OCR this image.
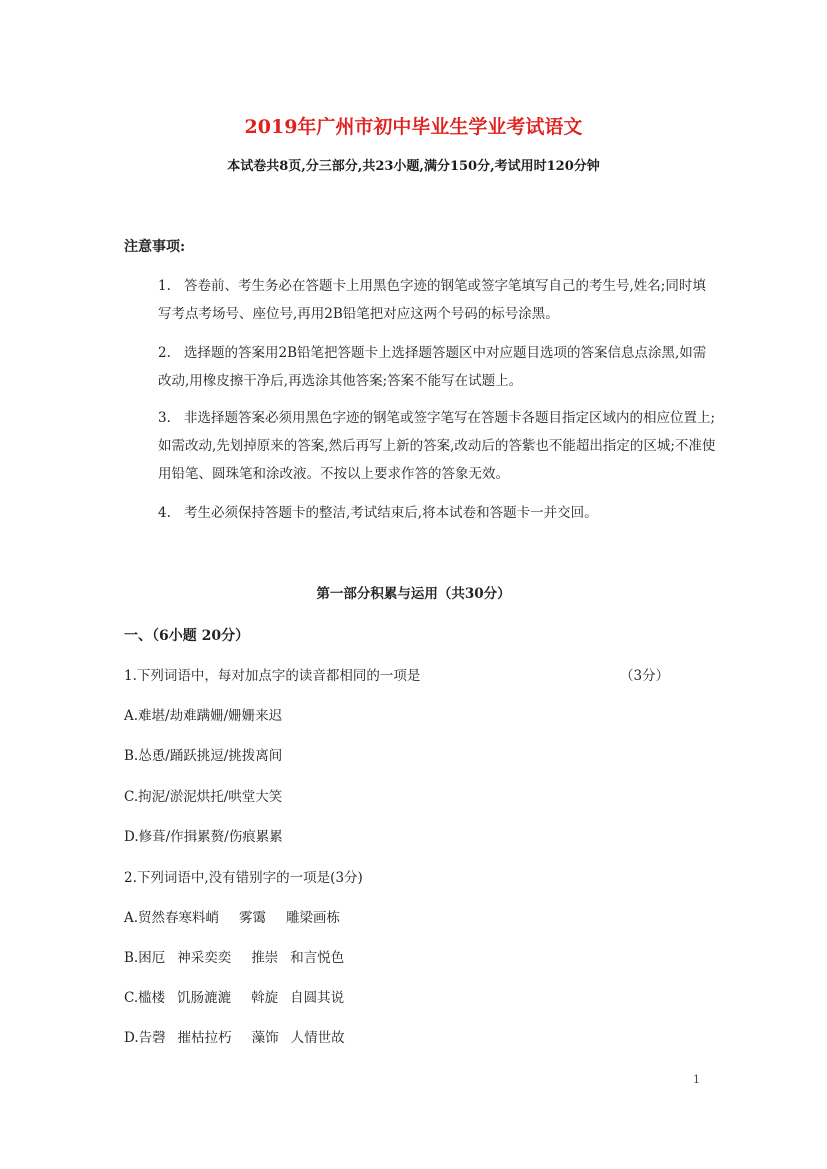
2019年广州市初中毕业生学业考试语文
本试卷共8页,分三部分,共23小题,满分150分,考试用时120分钟
注意事项:
1. 答卷前、考生务必在答题卡上用黑色字迹的钢笔或签字笔填写自己的考生号,姓名;同时填写考点考场号、座位号,再用2B铅笔把对应这两个号码的标号涂黑。
2. 选择题的答案用2B铅笔把答题卡上选择题答题区中对应题目选项的答案信息点涂黑,如需改动,用橡皮擦干净后,再选涂其他答案;答案不能写在试题上。
3. 非选择题答案必须用黑色字迹的钢笔或签字笔写在答题卡各题目指定区域内的相应位置上;如需改动,先划掉原来的答案,然后再写上新的答案,改动后的答紫也不能超出指定的区城;不准使用铅笔、圆珠笔和涂改液。不按以上要求作答的答象无效。
4. 考生必须保持答题卡的整洁,考试结束后,将本试卷和答题卡一并交回。
第一部分积累与运用（共30分）
一、（6小题 20分）
1.下列词语中，每对加点字的读音都相同的一项是	（3分）
A.难堪/劫难蹒姗/姗姗来迟
B.怂恿/踊跃挑逗/挑拨离间
C.拘泥/淤泥烘托/哄堂大笑
D.修葺/作揖累赘/伤痕累累
2.下列词语中,没有错别字的一项是(3分)
A.贸然春寒料峭 雾霭 雕梁画栋
B.困厄 神采奕奕 推崇 和言悦色
C.槛楼 饥肠漉漉 斡旋 自圆其说
D.告磬 摧枯拉朽 藻饰 人情世故
1
